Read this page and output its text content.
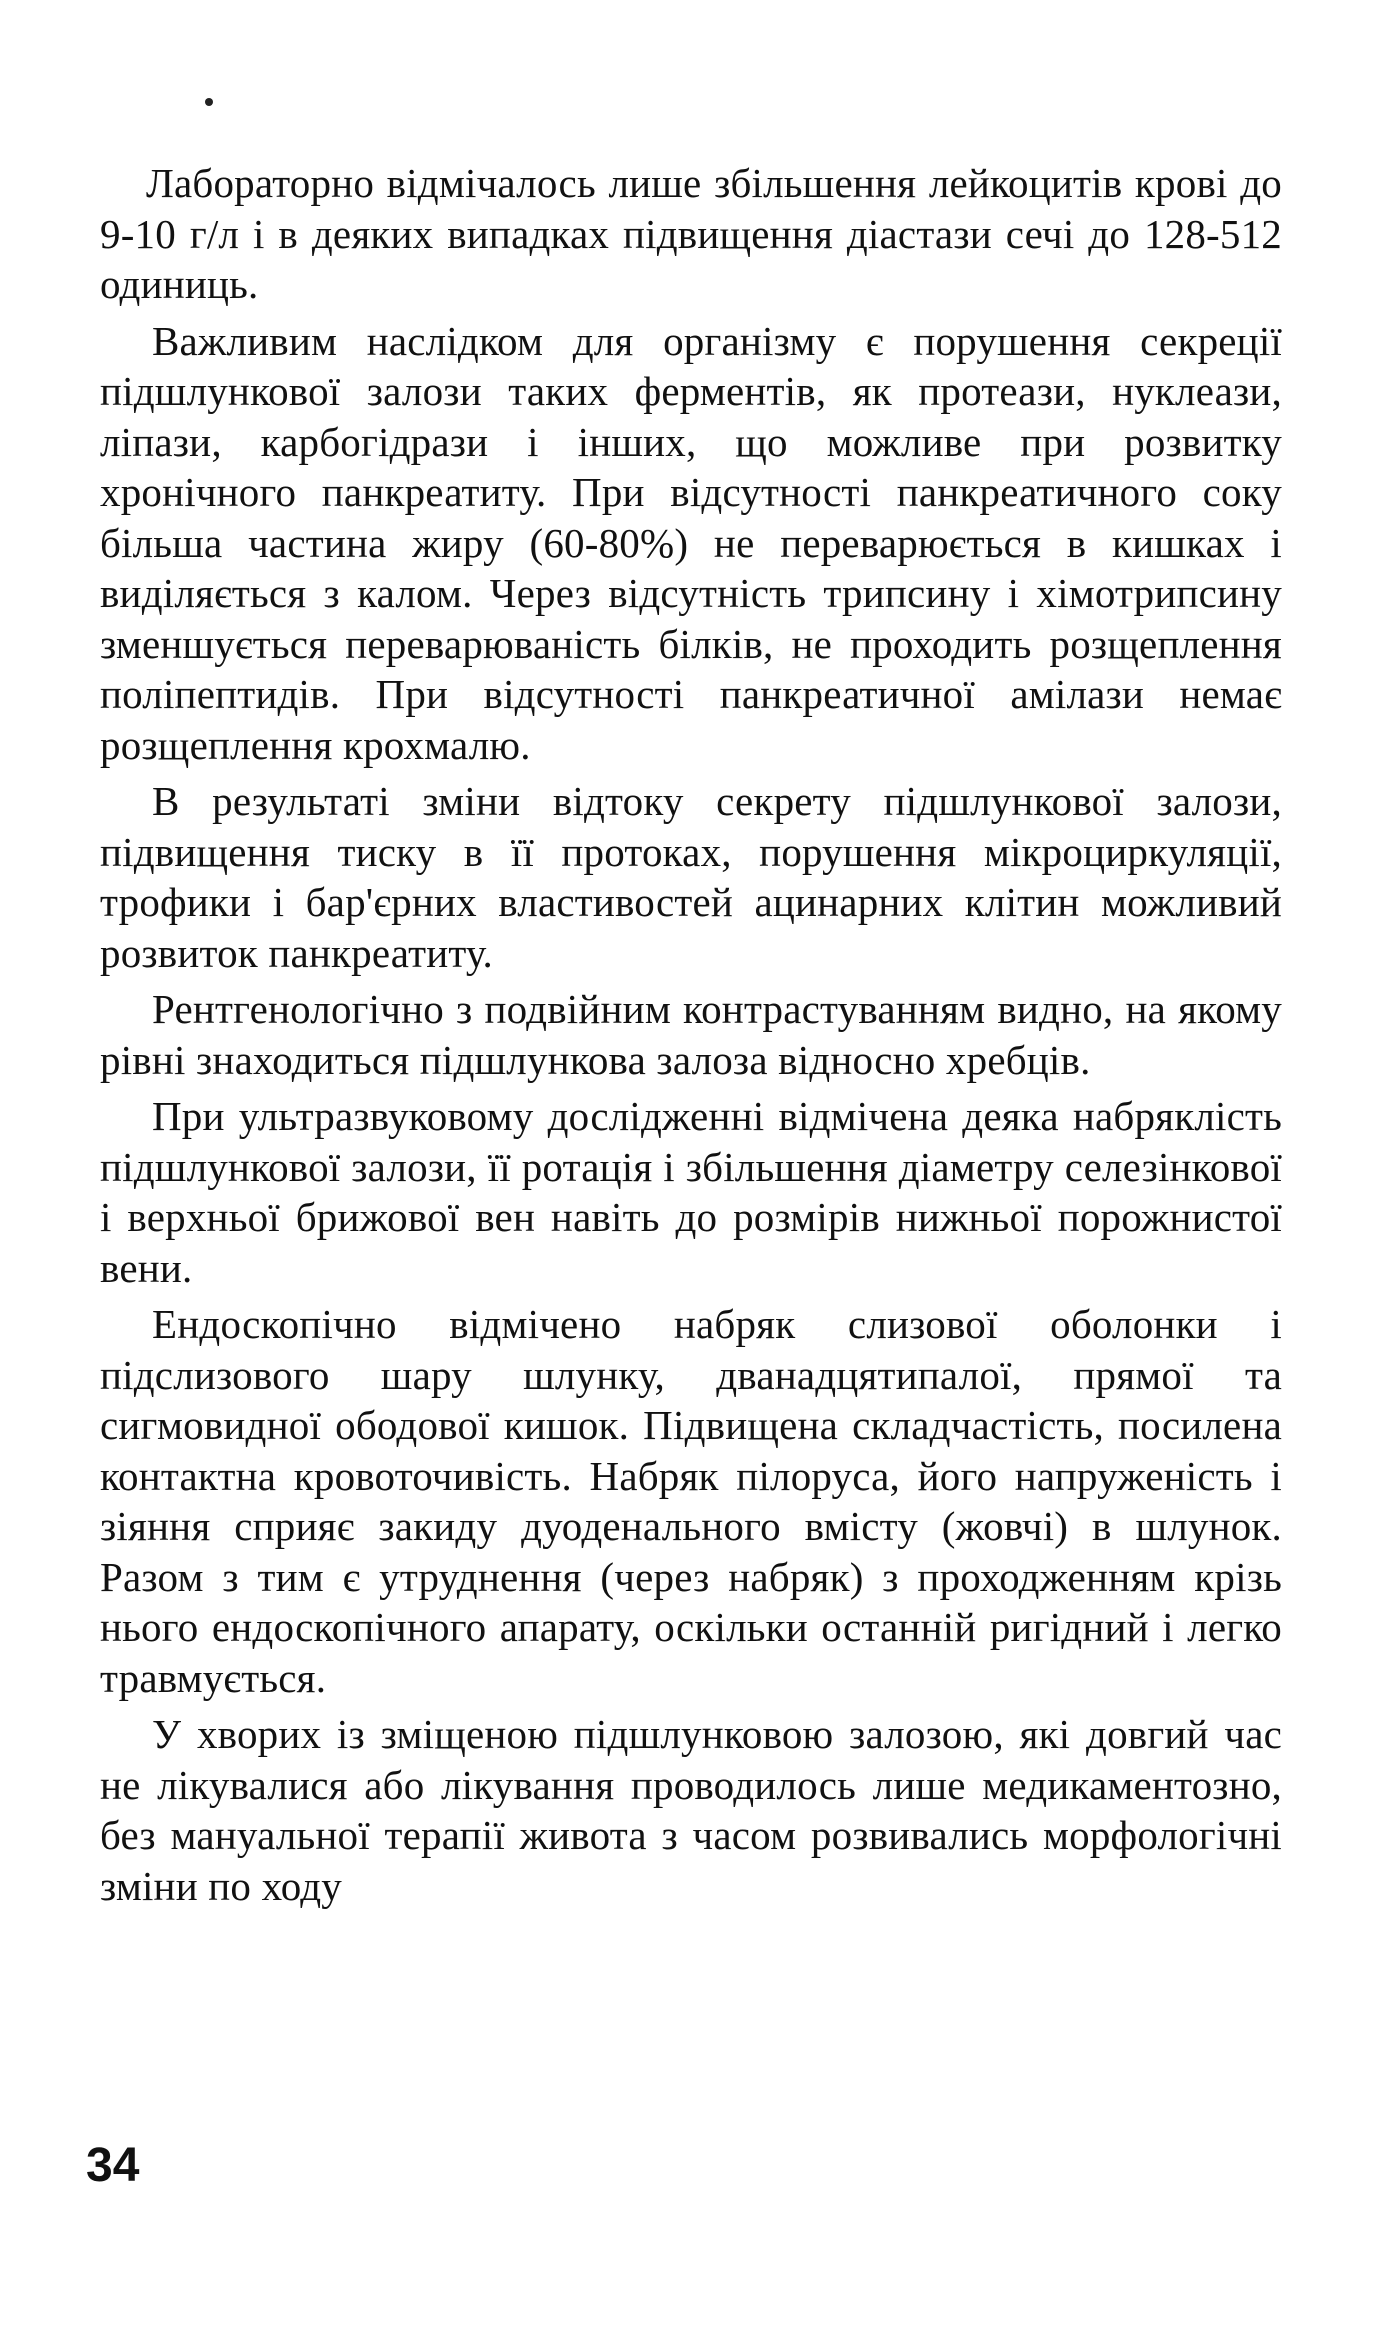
Лабораторно відмічалось лише збільшення лейкоцитів крові до 9-10 г/л і в деяких випадках підвищення діастази сечі до 128-512 одиниць.

Важливим наслідком для організму є порушення секреції підшлункової залози таких ферментів, як протеази, нуклеази, ліпази, карбогідрази і інших, що можливе при розвитку хронічного панкреатиту. При відсутності панкреатичного соку більша частина жиру (60-80%) не переварюється в кишках і виділяється з калом. Через відсутність трипсину і хімотрипсину зменшується переварюваність білків, не проходить розщеплення поліпептидів. При відсутності панкреатичної амілази немає розщеплення крохмалю.

В результаті зміни відтоку секрету підшлункової залози, підвищення тиску в її протоках, порушення мікроциркуляції, трофики і бар'єрних властивостей ацинарних клітин можливий розвиток панкреатиту.

Рентгенологічно з подвійним контрастуванням видно, на якому рівні знаходиться підшлункова залоза відносно хребців.

При ультразвуковому дослідженні відмічена деяка набряклість підшлункової залози, її ротація і збільшення діаметру селезінкової і верхньої брижової вен навіть до розмірів нижньої порожнистої вени.

Ендоскопічно відмічено набряк слизової оболонки і підслизового шару шлунку, дванадцятипалої, прямої та сигмовидної ободової кишок. Підвищена складчастість, посилена контактна кровоточивість. Набряк пілоруса, його напруженість і зіяння сприяє закиду дуоденального вмісту (жовчі) в шлунок. Разом з тим є утруднення (через набряк) з проходженням крізь нього ендоскопічного апарату, оскільки останній ригідний і легко травмується.

У хворих із зміщеною підшлунковою залозою, які довгий час не лікувалися або лікування проводилось лише медикаментозно, без мануальної терапії живота з часом розвивались морфологічні зміни по ходу

34
